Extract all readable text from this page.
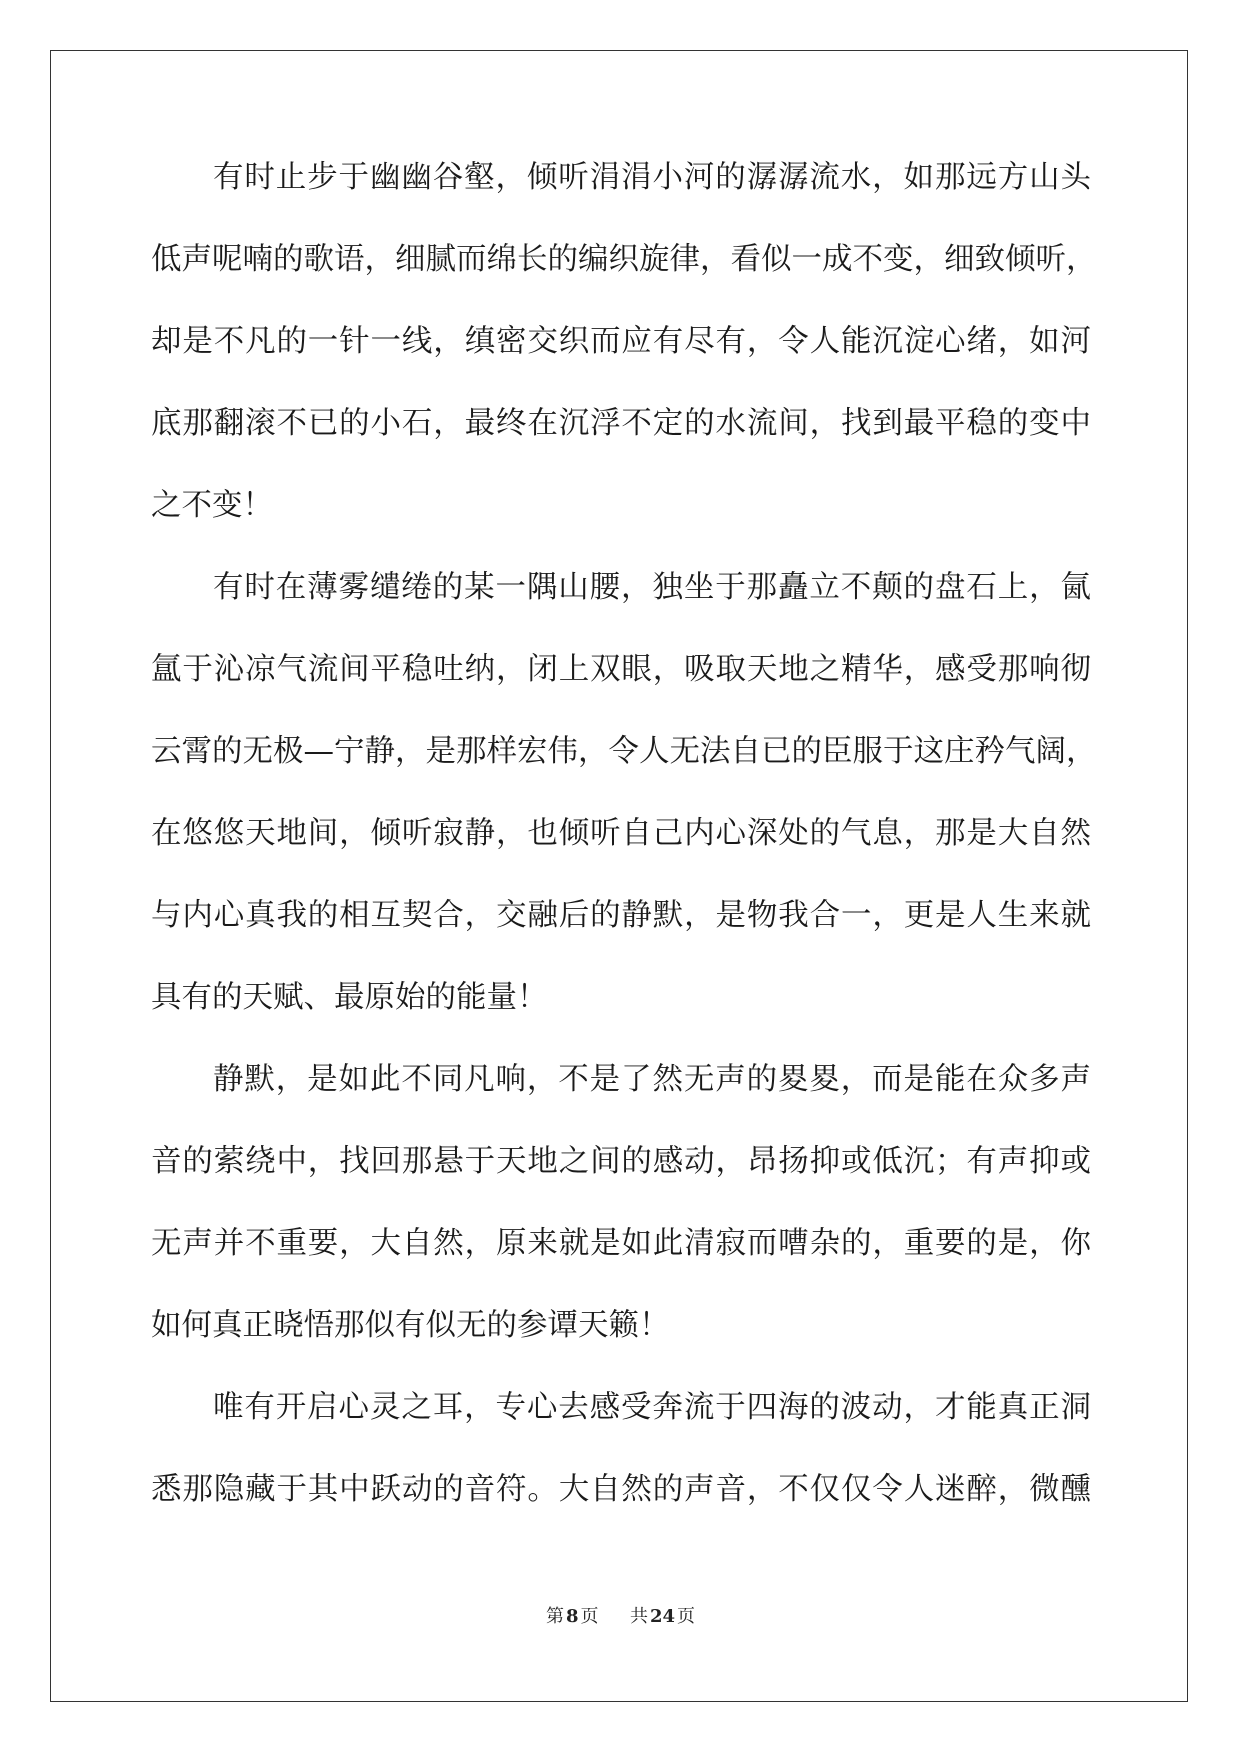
有时止步于幽幽谷壑，倾听涓涓小河的潺潺流水，如那远方山头
低声呢喃的歌语，细腻而绵长的编织旋律，看似一成不变，细致倾听，
却是不凡的一针一线，缜密交织而应有尽有，令人能沉淀心绪，如河
底那翻滚不已的小石，最终在沉浮不定的水流间，找到最平稳的变中
之不变！
有时在薄雾缱绻的某一隅山腰，独坐于那矗立不颠的盘石上，氤
氲于沁凉气流间平稳吐纳，闭上双眼，吸取天地之精华，感受那响彻
云霄的无极—宁静，是那样宏伟，令人无法自已的臣服于这庄矜气阔，
在悠悠天地间，倾听寂静，也倾听自己内心深处的气息，那是大自然
与内心真我的相互契合，交融后的静默，是物我合一，更是人生来就
具有的天赋、最原始的能量！
静默，是如此不同凡响，不是了然无声的畟畟，而是能在众多声
音的萦绕中，找回那悬于天地之间的感动，昂扬抑或低沉；有声抑或
无声并不重要，大自然，原来就是如此清寂而嘈杂的，重要的是，你
如何真正晓悟那似有似无的参谭天籁！
唯有开启心灵之耳，专心去感受奔流于四海的波动，才能真正洞
悉那隐藏于其中跃动的音符。大自然的声音，不仅仅令人迷醉，微醺
第 8 页 共 24 页
